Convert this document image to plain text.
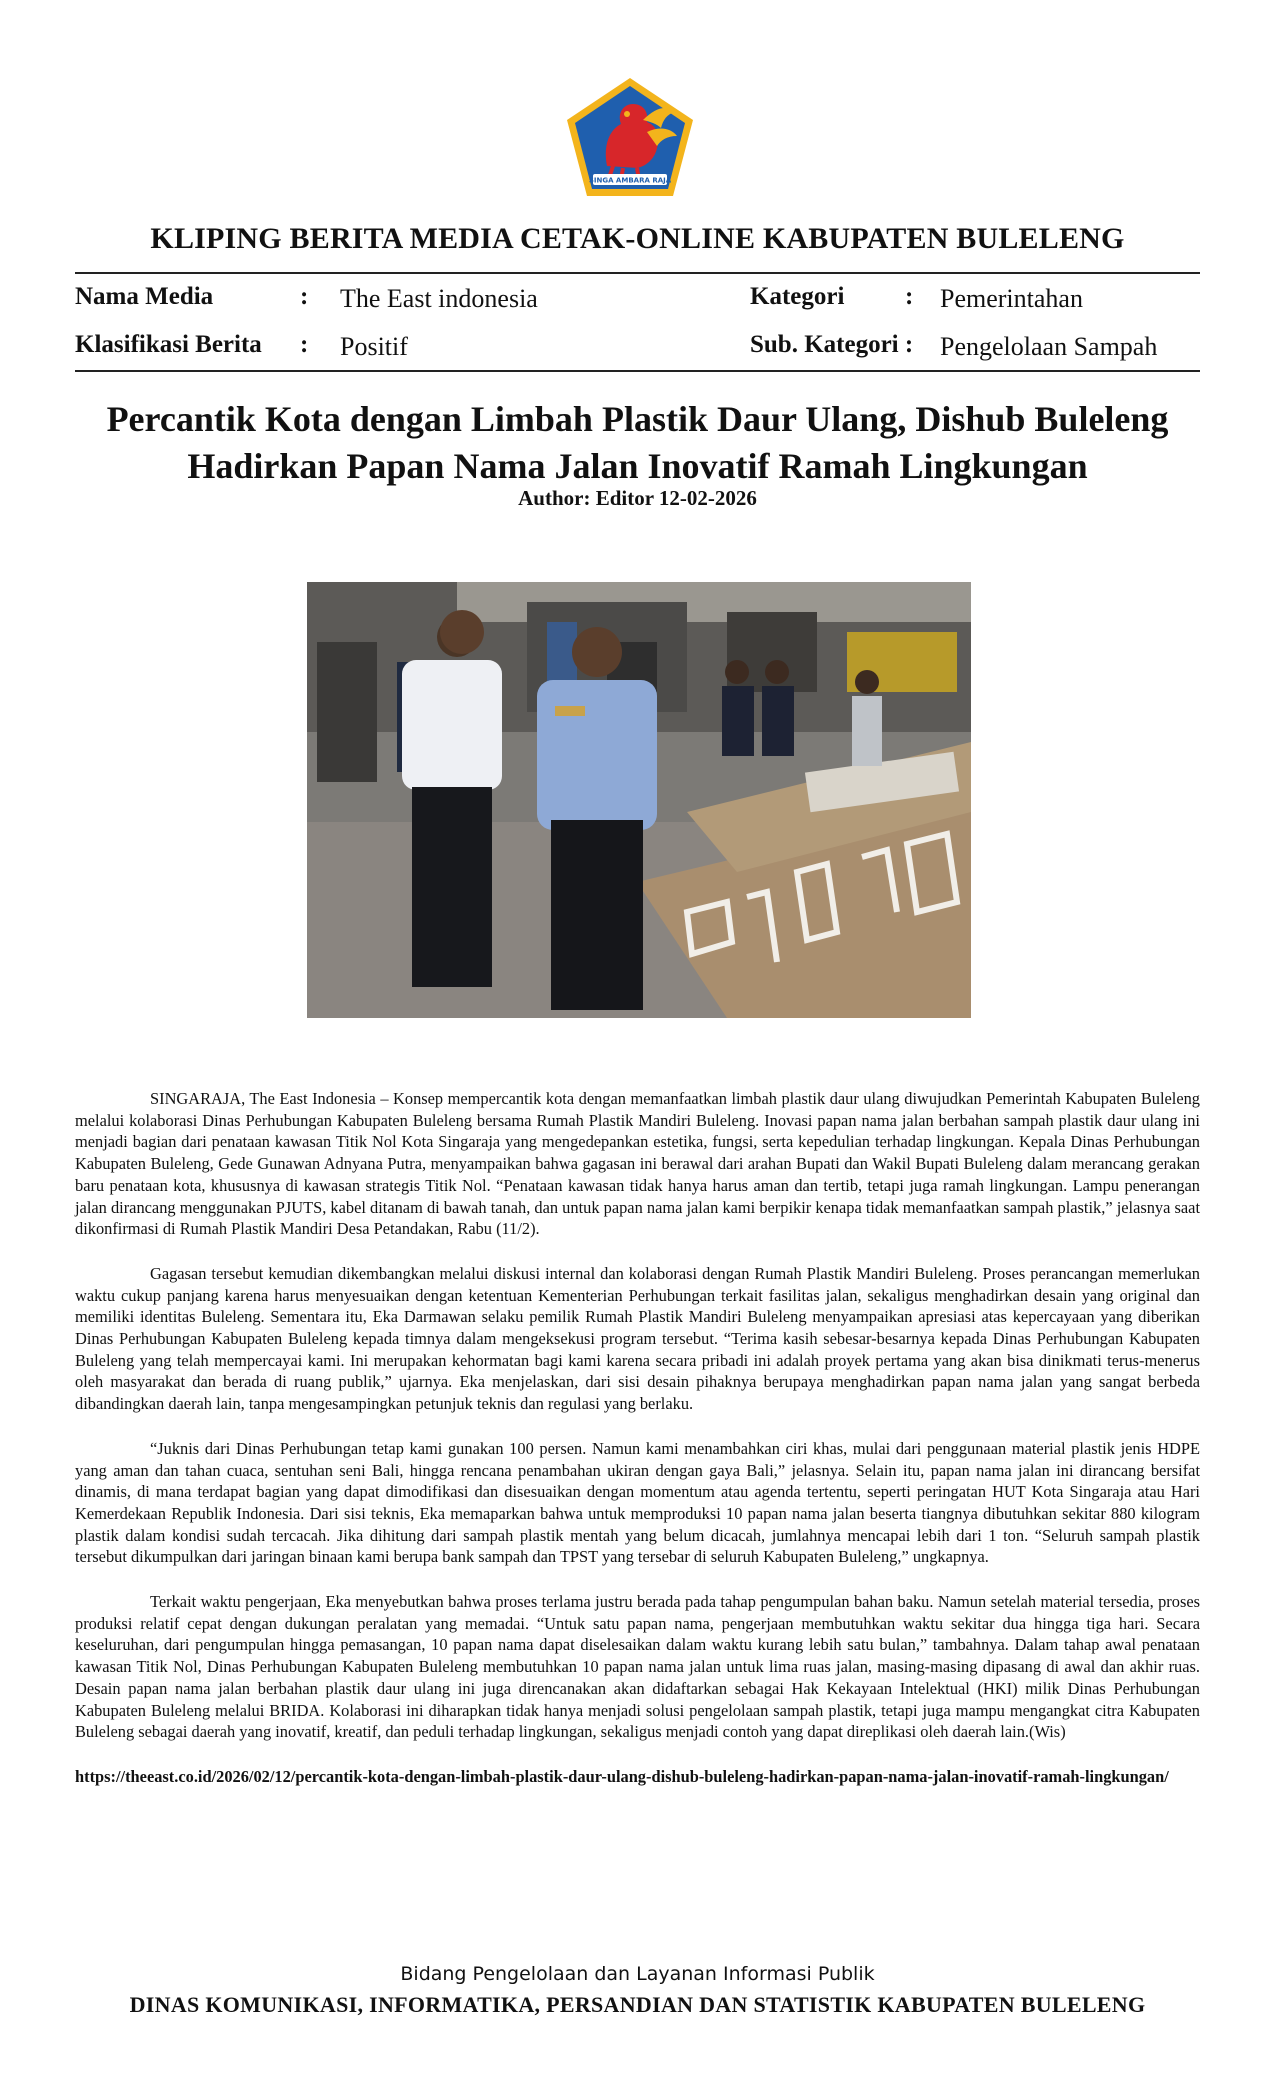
SINGA AMBARA RAJA
KLIPING BERITA MEDIA CETAK-ONLINE KABUPATEN BULELENG
Nama Media	: The East indonesia	Kategori : Pemerintahan
Klasifikasi Berita : Positif	Sub. Kategori : Pengelolaan Sampah
Percantik Kota dengan Limbah Plastik Daur Ulang, Dishub Buleleng Hadirkan Papan Nama Jalan Inovatif Ramah Lingkungan
Author: Editor 12-02-2026

SINGARAJA, The East Indonesia – Konsep mempercantik kota dengan memanfaatkan limbah plastik daur ulang diwujudkan Pemerintah Kabupaten Buleleng melalui kolaborasi Dinas Perhubungan Kabupaten Buleleng bersama Rumah Plastik Mandiri Buleleng. Inovasi papan nama jalan berbahan sampah plastik daur ulang ini menjadi bagian dari penataan kawasan Titik Nol Kota Singaraja yang mengedepankan estetika, fungsi, serta kepedulian terhadap lingkungan. Kepala Dinas Perhubungan Kabupaten Buleleng, Gede Gunawan Adnyana Putra, menyampaikan bahwa gagasan ini berawal dari arahan Bupati dan Wakil Bupati Buleleng dalam merancang gerakan baru penataan kota, khususnya di kawasan strategis Titik Nol. “Penataan kawasan tidak hanya harus aman dan tertib, tetapi juga ramah lingkungan. Lampu penerangan jalan dirancang menggunakan PJUTS, kabel ditanam di bawah tanah, dan untuk papan nama jalan kami berpikir kenapa tidak memanfaatkan sampah plastik,” jelasnya saat dikonfirmasi di Rumah Plastik Mandiri Desa Petandakan, Rabu (11/2).

Gagasan tersebut kemudian dikembangkan melalui diskusi internal dan kolaborasi dengan Rumah Plastik Mandiri Buleleng. Proses perancangan memerlukan waktu cukup panjang karena harus menyesuaikan dengan ketentuan Kementerian Perhubungan terkait fasilitas jalan, sekaligus menghadirkan desain yang original dan memiliki identitas Buleleng. Sementara itu, Eka Darmawan selaku pemilik Rumah Plastik Mandiri Buleleng menyampaikan apresiasi atas kepercayaan yang diberikan Dinas Perhubungan Kabupaten Buleleng kepada timnya dalam mengeksekusi program tersebut. “Terima kasih sebesar-besarnya kepada Dinas Perhubungan Kabupaten Buleleng yang telah mempercayai kami. Ini merupakan kehormatan bagi kami karena secara pribadi ini adalah proyek pertama yang akan bisa dinikmati terus-menerus oleh masyarakat dan berada di ruang publik,” ujarnya. Eka menjelaskan, dari sisi desain pihaknya berupaya menghadirkan papan nama jalan yang sangat berbeda dibandingkan daerah lain, tanpa mengesampingkan petunjuk teknis dan regulasi yang berlaku.

“Juknis dari Dinas Perhubungan tetap kami gunakan 100 persen. Namun kami menambahkan ciri khas, mulai dari penggunaan material plastik jenis HDPE yang aman dan tahan cuaca, sentuhan seni Bali, hingga rencana penambahan ukiran dengan gaya Bali,” jelasnya. Selain itu, papan nama jalan ini dirancang bersifat dinamis, di mana terdapat bagian yang dapat dimodifikasi dan disesuaikan dengan momentum atau agenda tertentu, seperti peringatan HUT Kota Singaraja atau Hari Kemerdekaan Republik Indonesia. Dari sisi teknis, Eka memaparkan bahwa untuk memproduksi 10 papan nama jalan beserta tiangnya dibutuhkan sekitar 880 kilogram plastik dalam kondisi sudah tercacah. Jika dihitung dari sampah plastik mentah yang belum dicacah, jumlahnya mencapai lebih dari 1 ton. “Seluruh sampah plastik tersebut dikumpulkan dari jaringan binaan kami berupa bank sampah dan TPST yang tersebar di seluruh Kabupaten Buleleng,” ungkapnya.

Terkait waktu pengerjaan, Eka menyebutkan bahwa proses terlama justru berada pada tahap pengumpulan bahan baku. Namun setelah material tersedia, proses produksi relatif cepat dengan dukungan peralatan yang memadai. “Untuk satu papan nama, pengerjaan membutuhkan waktu sekitar dua hingga tiga hari. Secara keseluruhan, dari pengumpulan hingga pemasangan, 10 papan nama dapat diselesaikan dalam waktu kurang lebih satu bulan,” tambahnya. Dalam tahap awal penataan kawasan Titik Nol, Dinas Perhubungan Kabupaten Buleleng membutuhkan 10 papan nama jalan untuk lima ruas jalan, masing-masing dipasang di awal dan akhir ruas. Desain papan nama jalan berbahan plastik daur ulang ini juga direncanakan akan didaftarkan sebagai Hak Kekayaan Intelektual (HKI) milik Dinas Perhubungan Kabupaten Buleleng melalui BRIDA. Kolaborasi ini diharapkan tidak hanya menjadi solusi pengelolaan sampah plastik, tetapi juga mampu mengangkat citra Kabupaten Buleleng sebagai daerah yang inovatif, kreatif, dan peduli terhadap lingkungan, sekaligus menjadi contoh yang dapat direplikasi oleh daerah lain.(Wis)

https://theeast.co.id/2026/02/12/percantik-kota-dengan-limbah-plastik-daur-ulang-dishub-buleleng-hadirkan-papan-nama-jalan-inovatif-ramah-lingkungan/
Bidang Pengelolaan dan Layanan Informasi Publik
DINAS KOMUNIKASI, INFORMATIKA, PERSANDIAN DAN STATISTIK KABUPATEN BULELENG
